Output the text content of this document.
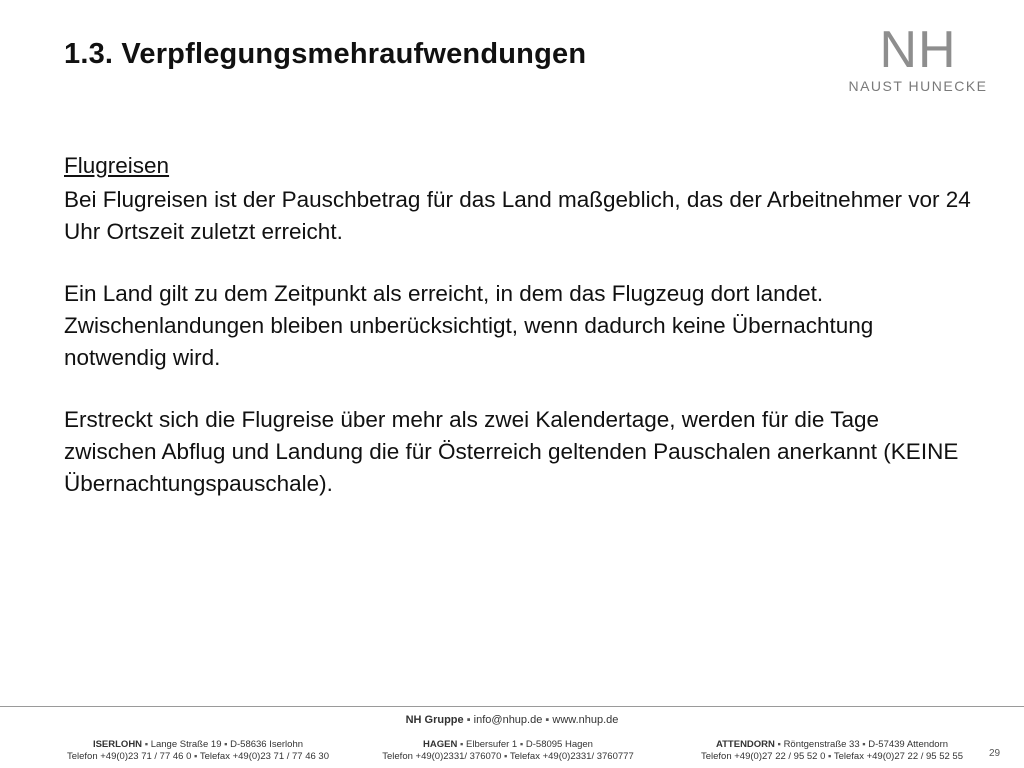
1.3. Verpflegungsmehraufwendungen	NH
NAUST HUNECKE

Flugreisen

Bei Flugreisen ist der Pauschbetrag für das Land maßgeblich, das der Arbeitnehmer vor 24 Uhr Ortszeit zuletzt erreicht.

Ein Land gilt zu dem Zeitpunkt als erreicht, in dem das Flugzeug dort landet. Zwischenlandungen bleiben unberücksichtigt, wenn dadurch keine Übernachtung notwendig wird.

Erstreckt sich die Flugreise über mehr als zwei Kalendertage, werden für die Tage zwischen Abflug und Landung die für Österreich geltenden Pauschalen anerkannt (KEINE Übernachtungspauschale).

NH Gruppe ▪ info@nhup.de ▪ www.nhup.de
ISERLOHN ▪ Lange Straße 19 ▪ D-58636 Iserlohn
Telefon +49(0)23 71 / 77 46 0 ▪ Telefax +49(0)23 71 / 77 46 30
HAGEN ▪ Elbersufer 1 ▪ D-58095 Hagen
Telefon +49(0)2331/ 376070 ▪ Telefax +49(0)2331/ 3760777
ATTENDORN ▪ Röntgenstraße 33 ▪ D-57439 Attendorn
Telefon +49(0)27 22 / 95 52 0 ▪ Telefax +49(0)27 22 / 95 52 55	29
